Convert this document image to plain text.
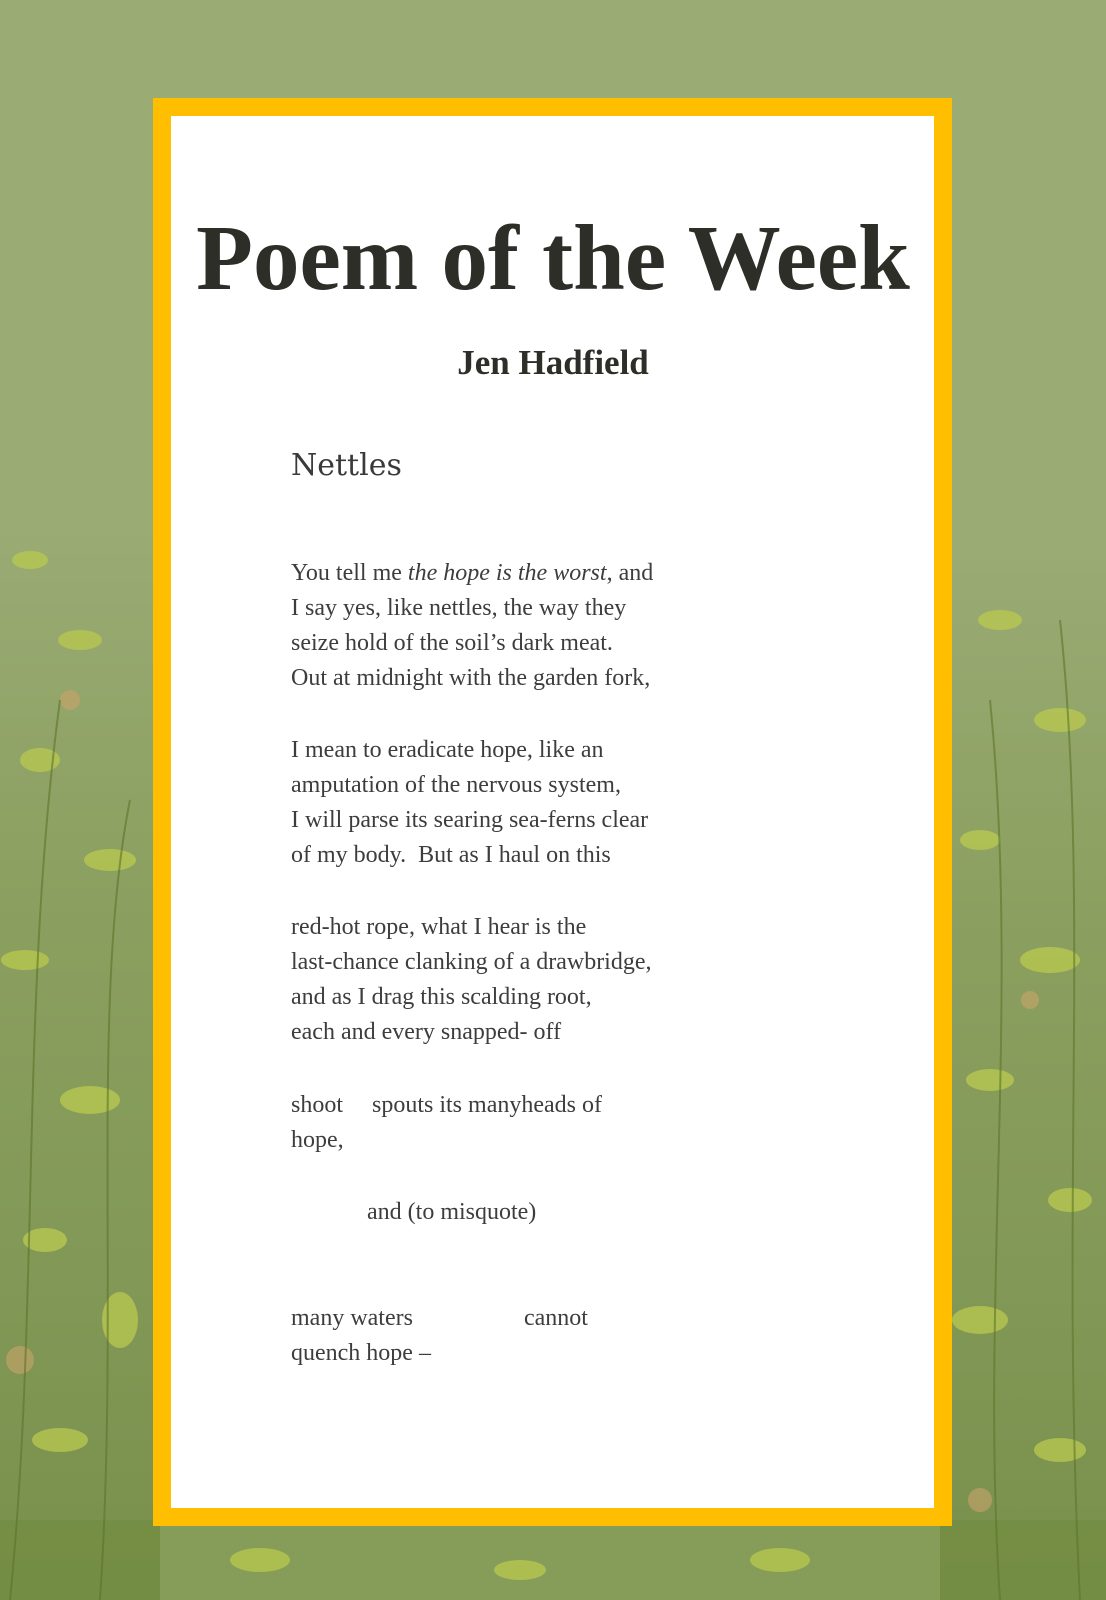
Poem of the Week
Jen Hadfield
Nettles
You tell me the hope is the worst, and
I say yes, like nettles, the way they
seize hold of the soil’s dark meat.
Out at midnight with the garden fork,
I mean to eradicate hope, like an
amputation of the nervous system,
I will parse its searing sea-ferns clear
of my body.  But as I haul on this
red-hot rope, what I hear is the
last-chance clanking of a drawbridge,
and as I drag this scalding root,
each and every snapped- off
shoot spouts its manyheads of
hope,
and (to misquote)
many waters	cannot
quench hope –
